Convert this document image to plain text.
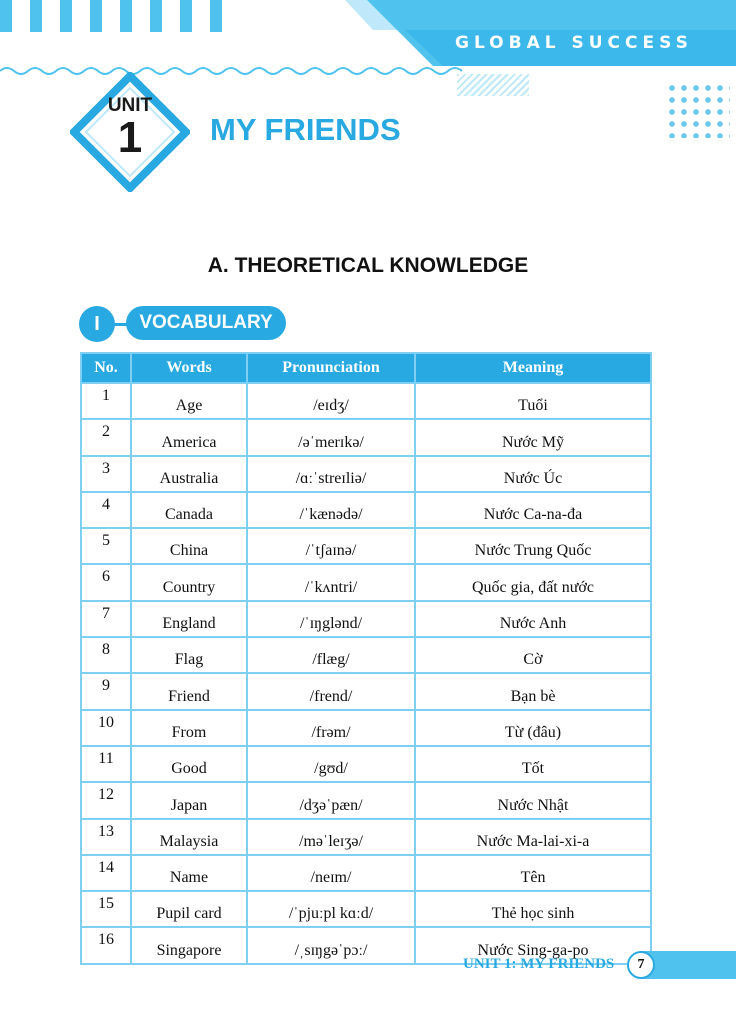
GLOBAL SUCCESS
UNIT
1	MY FRIENDS
A. THEORETICAL KNOWLEDGE
I	VOCABULARY
No.	Words	Pronunciation	Meaning
1	Age	/eɪdʒ/	Tuổi
2	America	/əˈmerɪkə/	Nước Mỹ
3	Australia	/ɑːˈstreɪliə/	Nước Úc
4	Canada	/ˈkænədə/	Nước Ca-na-đa
5	China	/ˈtʃaɪnə/	Nước Trung Quốc
6	Country	/ˈkʌntri/	Quốc gia, đất nước
7	England	/ˈɪŋglənd/	Nước Anh
8	Flag	/flæg/	Cờ
9	Friend	/frend/	Bạn bè
10	From	/frəm/	Từ (đâu)
11	Good	/gʊd/	Tốt
12	Japan	/dʒəˈpæn/	Nước Nhật
13	Malaysia	/məˈleɪʒə/	Nước Ma-lai-xi-a
14	Name	/neɪm/	Tên
15	Pupil card	/ˈpjuːpl kɑːd/	Thẻ học sinh
16	Singapore	/ˌsɪŋgəˈpɔː/	Nước Sing-ga-po
UNIT 1: MY FRIENDS	7
